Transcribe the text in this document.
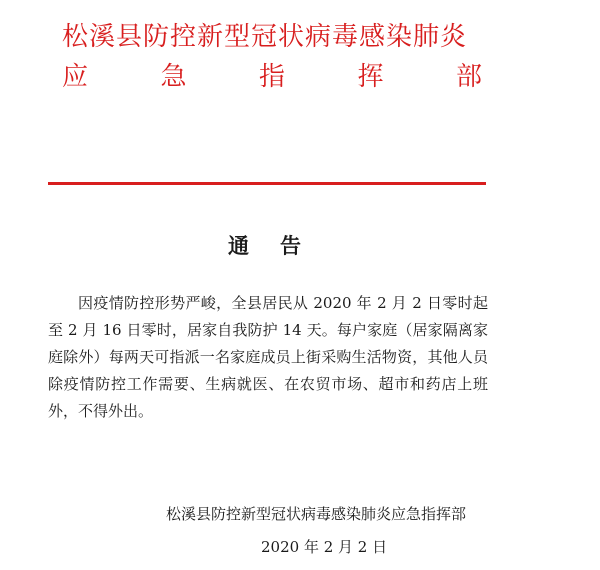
松溪县防控新型冠状病毒感染肺炎
应	急	指	挥	部
通 告
因疫情防控形势严峻，全县居民从 2020 年 2 月 2 日零时起至 2 月 16 日零时，居家自我防护 14 天。每户家庭（居家隔离家庭除外）每两天可指派一名家庭成员上街采购生活物资，其他人员除疫情防控工作需要、生病就医、在农贸市场、超市和药店上班外，不得外出。
松溪县防控新型冠状病毒感染肺炎应急指挥部
2020 年 2 月 2 日
